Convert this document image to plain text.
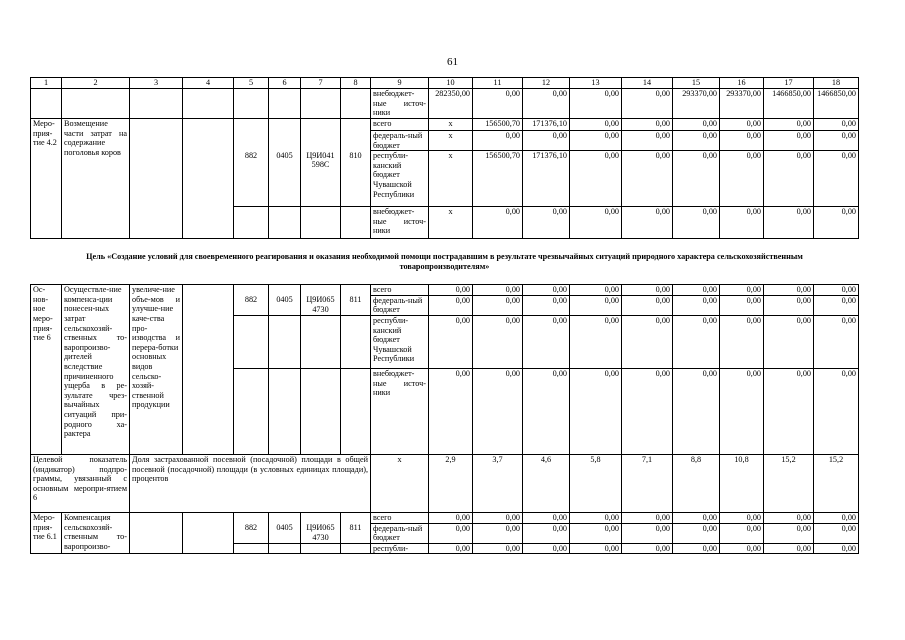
61
1	2	3	4	5	6	7	8	9	10	11	12	13	14	15	16	17	18
								внебюджет-ные источ-ники	282350,00	0,00	0,00	0,00	0,00	293370,00	293370,00	1466850,00	1466850,00
Меро-прия-тие 4.2	Возмещение части затрат на содержание поголовья коров							всего	x	156500,70	171376,10	0,00	0,00	0,00	0,00	0,00	0,00
								федераль-ный бюджет	x	0,00	0,00	0,00	0,00	0,00	0,00	0,00	0,00
				882	0405	Ц9И041 598С	810	республи-канский бюджет Чувашской Республики	x	156500,70	171376,10	0,00	0,00	0,00	0,00	0,00	0,00
								внебюджет-ные источ-ники	x	0,00	0,00	0,00	0,00	0,00	0,00	0,00	0,00
Цель «Создание условий для своевременного реагирования и оказания необходимой помощи пострадавшим в результате чрезвычайных ситуаций природного характера сельскохозяйственным товаропроизводителям»																	
Ос-нов-ное меро-прия-тие 6	Осуществле-ние компенса-ции понесен-ных затрат сельскохозяй-ственных то-варопроизво-дителей вследствие причиненного ущерба в ре-зультате чрез-вычайных ситуаций при-родного ха-рактера	увеличе-ние объе-мов и улучше-ние каче-ства про-изводства и перера-ботки основных видов сельско-хозяй-ственной продукции						всего	0,00	0,00	0,00	0,00	0,00	0,00	0,00	0,00	0,00
				882	0405	Ц9И065 4730	811	федераль-ный бюджет	0,00	0,00	0,00	0,00	0,00	0,00	0,00	0,00	0,00
								республи-канский бюджет Чувашской Республики	0,00	0,00	0,00	0,00	0,00	0,00	0,00	0,00	0,00
								внебюджет-ные источ-ники	0,00	0,00	0,00	0,00	0,00	0,00	0,00	0,00	0,00
Целевой показатель (индикатор) подпро-граммы, увязанный с основным меропри-ятием 6		Доля застрахованной посевной (посадочной) площади в общей посевной (посадочной) площади (в условных единицах площади), процентов						x	2,9	3,7	4,6	5,8	7,1	8,8	10,8	15,2	15,2
Меро-прия-тие 6.1	Компенсация сельскохозяй-ственным то-варопроизво-							всего	0,00	0,00	0,00	0,00	0,00	0,00	0,00	0,00	0,00
				882	0405	Ц9И065 4730	811	федераль-ный бюджет	0,00	0,00	0,00	0,00	0,00	0,00	0,00	0,00	0,00
								республи-	0,00	0,00	0,00	0,00	0,00	0,00	0,00	0,00	0,00
